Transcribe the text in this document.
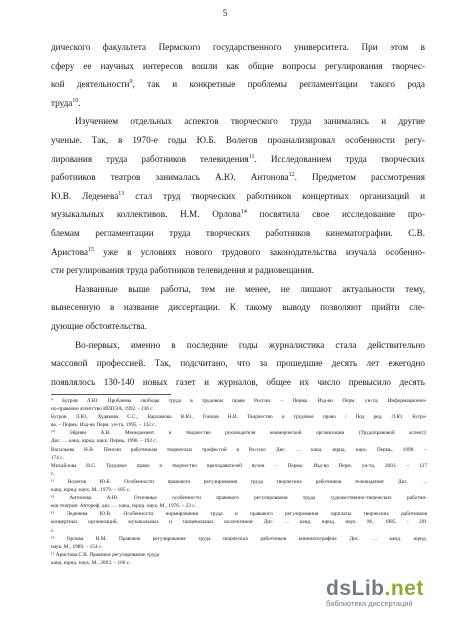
5
дического факультета Пермского государственного университета. При этом в
сферу ее научных интересов вошли как общие вопросы регулирования творчес-
кой деятельности$^9$, так и конкретные проблемы регламентации такого рода
труда$^{10}$.
Изучением отдельных аспектов творческого труда занимались и другие
ученые. Так, в 1970-е годы Ю.Б. Волегов проанализировал особенности регу-
лирования труда работников телевидения$^{11}$. Исследованием труда творческих
работников театров занималась А.Ю. Антонова$^{12}$. Предметом рассмотрения
Ю.В. Леденева$^{13}$ стал труд творческих работников концертных организаций и
музыкальных коллективов. Н.М. Орлова$^{14}$ посвятила свое исследование про-
блемам регламентации труда творческих работников кинематографии. С.В.
Аристова$^{15}$ уже в условиях нового трудового законодательства изучала особенно-
сти регулирования труда работников телевидения и радиовещания.
Названные выше работы, тем не менее, не лишают актуальности тему,
вынесенную в название диссертации. К такому выводу позволяют прийти сле-
дующие обстоятельства.
Во-первых, именно в последние годы журналистика стала действительно
массовой профессией. Так, подсчитано, что за прошедшие десять лет ежегодно
появлялось 130-140 новых газет и журналов, общее их число превысило десять
⁹ Бугров Л.Ю. Проблемы свободы труда в трудовом праве России. – Пермь: Изд-во Перм. ун-та; Информационно-
но-правовое агентство ИППЭА, 1992. - 236 с.
Бугров Л.Ю., Худякова С.С., Варламова В.Ю., Гонцов Н.И. Творчество и трудовое право / Под ред. Л.Ю. Бугро-
ва. – Пермь: Изд-во Перм. ун-та, 1995. – 132 с.
¹⁰ Эйриян А.В. Менеджмент и творчество руководителя коммерческой организации (Трудоправовой аспект):
Дис. … канд. юрид. наук. Пермь, 1996. – 192 с.
Васильева Н.В. Пенсии работникам творческих профессий в России: Дис. … канд. юрид. наук. Пермь, 1998. –
174 с.
Михайлова Н.С. Трудовое право и творчество преподавателей вузов. – Пермь: Изд-во Перм. ун-та, 2003. – 127
с.
¹¹ Волегов Ю.Б. Особенности правового регулирования труда творческих работников телевидения: Дис. …
канд. юрид. наук. М., 1979. – 185 с.
¹² Антонова А.Ю. Основные особенности правового регулирования труда художественно-творческих работни-
ков театров: Автореф. дис. … канд. юрид. наук. М., 1976. – 23 с.
¹³ Леденева Ю.В. Особенности нормирования труда и правового регулирования зарплаты творческих работников
концертных организаций, музыкальных и танцевальных коллективов: Дис. … канд. юрид. наук. М., 1985. - 201
с.
¹⁴ Орлова Н.М. Правовое регулирование труда творческих работников кинематографии: Дис. … канд. юрид.
наук. М., 1989. – 154 с.
¹⁵ Аристова С.В. Правовое регулирование труда
канд. юрид. наук. М., 2003. – 166 с.
dsLib.net
библиотека диссертаций
